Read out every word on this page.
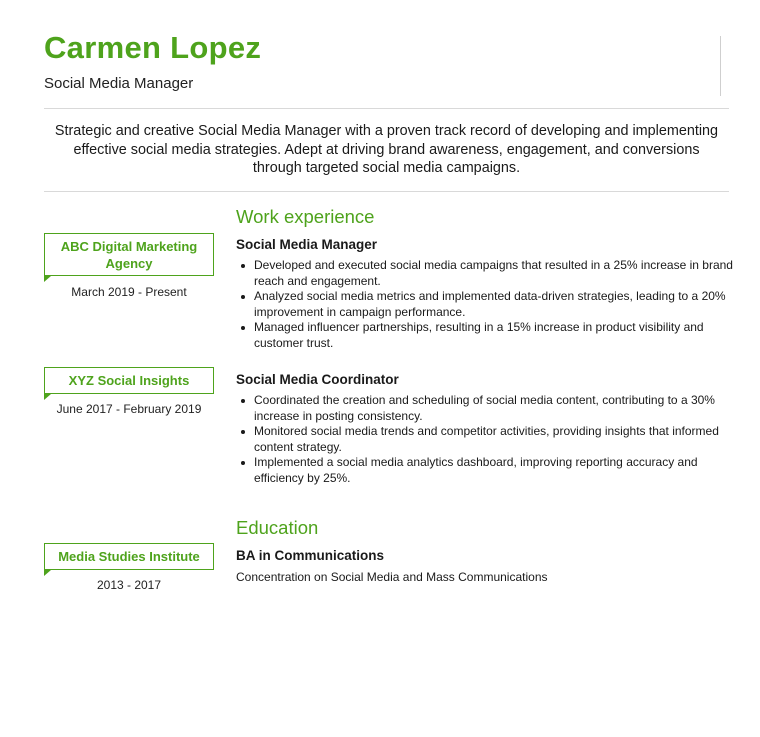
Carmen Lopez
Social Media Manager
Strategic and creative Social Media Manager with a proven track record of developing and implementing effective social media strategies. Adept at driving brand awareness, engagement, and conversions through targeted social media campaigns.
Work experience
ABC Digital Marketing Agency
March 2019 - Present
Social Media Manager
Developed and executed social media campaigns that resulted in a 25% increase in brand reach and engagement.
Analyzed social media metrics and implemented data-driven strategies, leading to a 20% improvement in campaign performance.
Managed influencer partnerships, resulting in a 15% increase in product visibility and customer trust.
XYZ Social Insights
June 2017 - February 2019
Social Media Coordinator
Coordinated the creation and scheduling of social media content, contributing to a 30% increase in posting consistency.
Monitored social media trends and competitor activities, providing insights that informed content strategy.
Implemented a social media analytics dashboard, improving reporting accuracy and efficiency by 25%.
Education
Media Studies Institute
2013 - 2017
BA in Communications
Concentration on Social Media and Mass Communications
